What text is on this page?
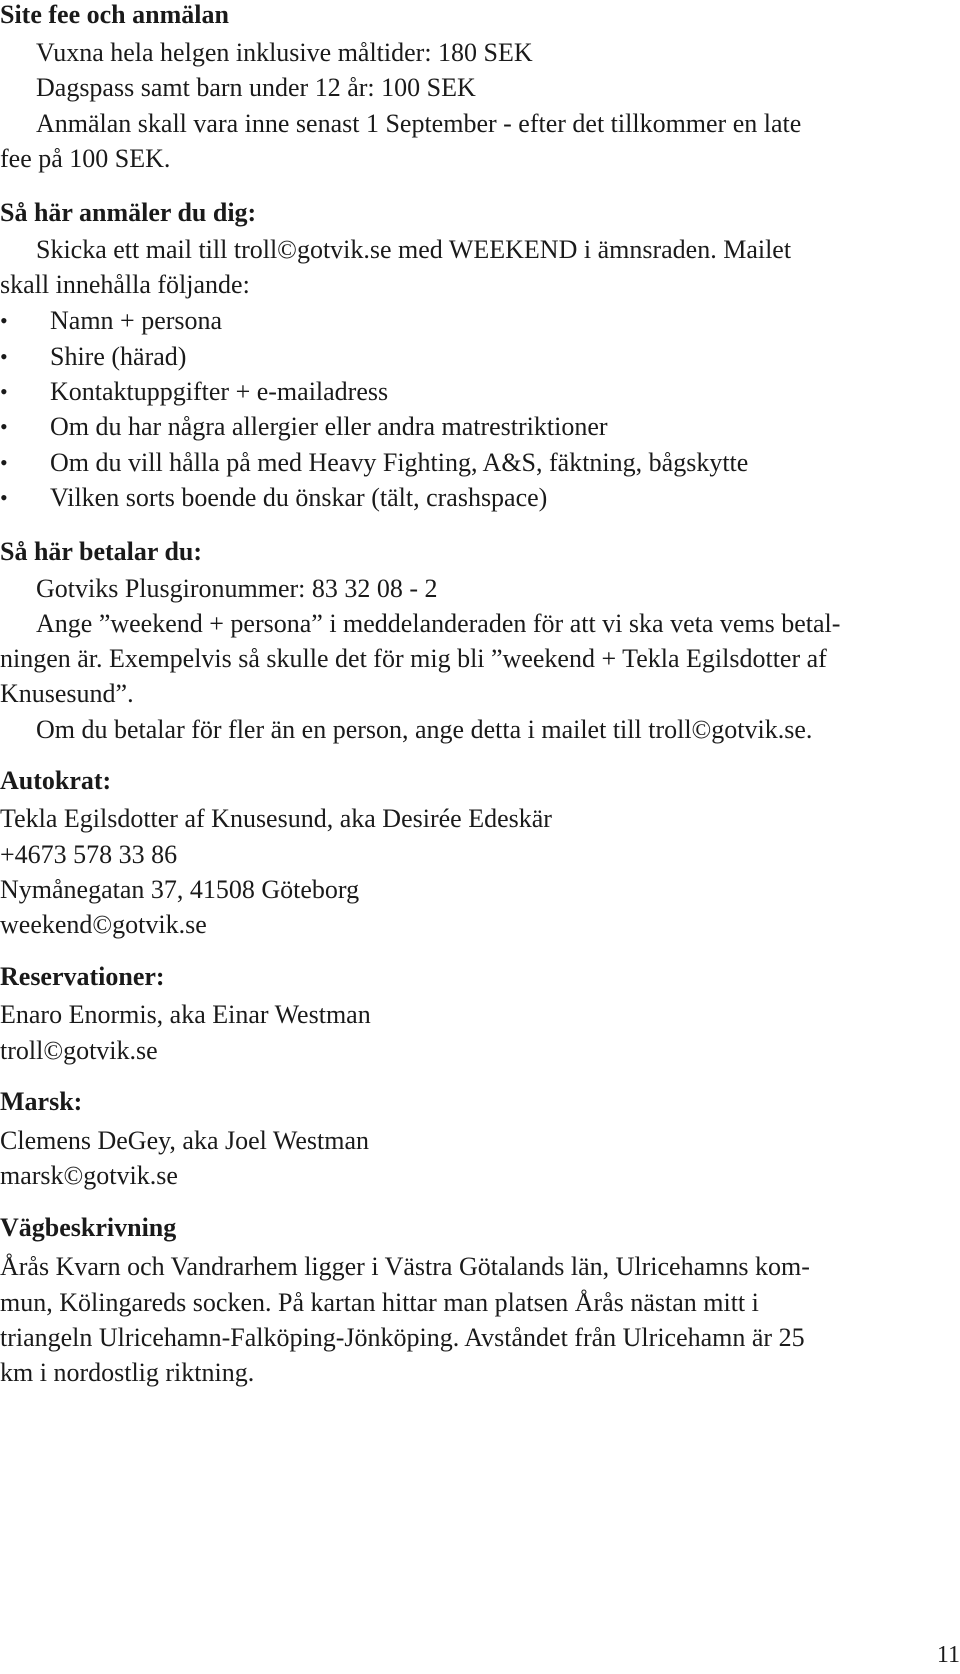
Site fee och anmälan
Vuxna hela helgen inklusive måltider: 180 SEK
Dagspass samt barn under 12 år: 100 SEK
Anmälan skall vara inne senast 1 September - efter det tillkommer en late
fee på 100 SEK.
Så här anmäler du dig:
Skicka ett mail till troll©gotvik.se med WEEKEND i ämnsraden. Mailet
skall innehålla följande:
• Namn + persona
• Shire (härad)
• Kontaktuppgifter + e-mailadress
• Om du har några allergier eller andra matrestriktioner
• Om du vill hålla på med Heavy Fighting, A&S, fäktning, bågskytte
• Vilken sorts boende du önskar (tält, crashspace)
Så här betalar du:
Gotviks Plusgironummer: 83 32 08 - 2
Ange ”weekend + persona” i meddelanderaden för att vi ska veta vems betal-
ningen är. Exempelvis så skulle det för mig bli ”weekend + Tekla Egilsdotter af
Knusesund”.
Om du betalar för fler än en person, ange detta i mailet till troll©gotvik.se.
Autokrat:
Tekla Egilsdotter af Knusesund, aka Desirée Edeskär
+4673 578 33 86
Nymånegatan 37, 41508 Göteborg
weekend©gotvik.se
Reservationer:
Enaro Enormis, aka Einar Westman
troll©gotvik.se
Marsk:
Clemens DeGey, aka Joel Westman
marsk©gotvik.se
Vägbeskrivning
Årås Kvarn och Vandrarhem ligger i Västra Götalands län, Ulricehamns kom-
mun, Kölingareds socken. På kartan hittar man platsen Årås nästan mitt i
triangeln Ulricehamn-Falköping-Jönköping. Avståndet från Ulricehamn är 25
km i nordostlig riktning.
11
